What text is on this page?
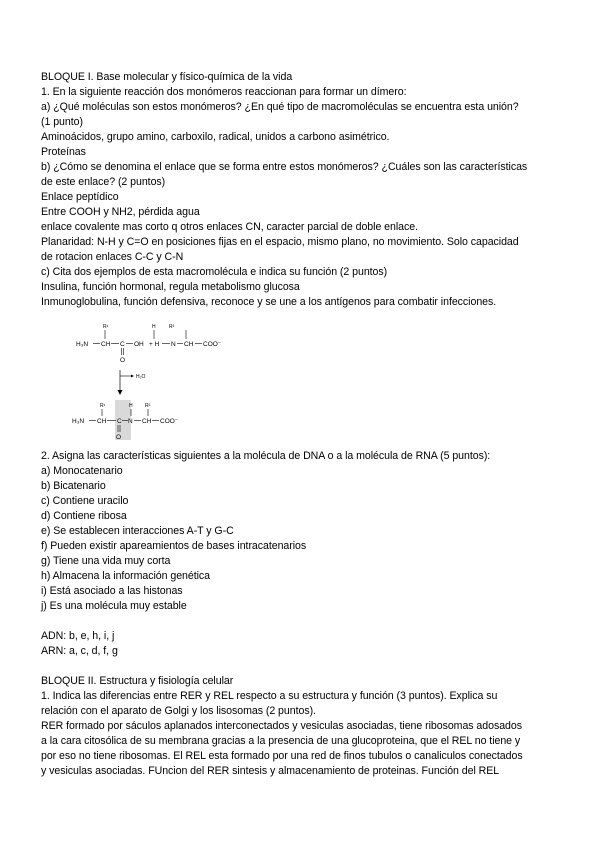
BLOQUE I. Base molecular y físico-química de la vida
1. En la siguiente reacción dos monómeros reaccionan para formar un dímero:
a) ¿Qué moléculas son estos monómeros? ¿En qué tipo de macromoléculas se encuentra esta unión?
(1 punto)
Aminoácidos, grupo amino, carboxilo, radical, unidos a carbono asimétrico.
Proteínas
b) ¿Cómo se denomina el enlace que se forma entre estos monómeros? ¿Cuáles son las características
de este enlace? (2 puntos)
Enlace peptídico
Entre COOH y NH2, pérdida agua
enlace covalente mas corto q otros enlaces CN, caracter parcial de doble enlace.
Planaridad: N-H y C=O en posiciones fijas en el espacio, mismo plano, no movimiento. Solo capacidad
de rotacion enlaces C-C y C-N
c) Cita dos ejemplos de esta macromolécula e indica su función (2 puntos)
Insulina, función hormonal, regula metabolismo glucosa
Inmunoglobulina, función defensiva, reconoce y se une a los antígenos para combatir infecciones.
R¹
H₃N CH C OH
O
+ H
H
N
R²
CH COO⁻
H₂O
R¹
H₃N CH C
O
H
N
R²
CH COO⁻
2. Asigna las características siguientes a la molécula de DNA o a la molécula de RNA (5 puntos):
a) Monocatenario
b) Bicatenario
c) Contiene uracilo
d) Contiene ribosa
e) Se establecen interacciones A-T y G-C
f) Pueden existir apareamientos de bases intracatenarios
g) Tiene una vida muy corta
h) Almacena la información genética
i) Está asociado a las histonas
j) Es una molécula muy estable
ADN: b, e, h, i, j
ARN: a, c, d, f, g
BLOQUE II. Estructura y fisiología celular
1. Indica las diferencias entre RER y REL respecto a su estructura y función (3 puntos). Explica su
relación con el aparato de Golgi y los lisosomas (2 puntos).
RER formado por sáculos aplanados interconectados y vesiculas asociadas, tiene ribosomas adosados
a la cara citosólica de su membrana gracias a la presencia de una glucoproteina, que el REL no tiene y
por eso no tiene ribosomas. El REL esta formado por una red de finos tubulos o canaliculos conectados
y vesiculas asociadas. FUncion del RER sintesis y almacenamiento de proteinas. Función del REL
